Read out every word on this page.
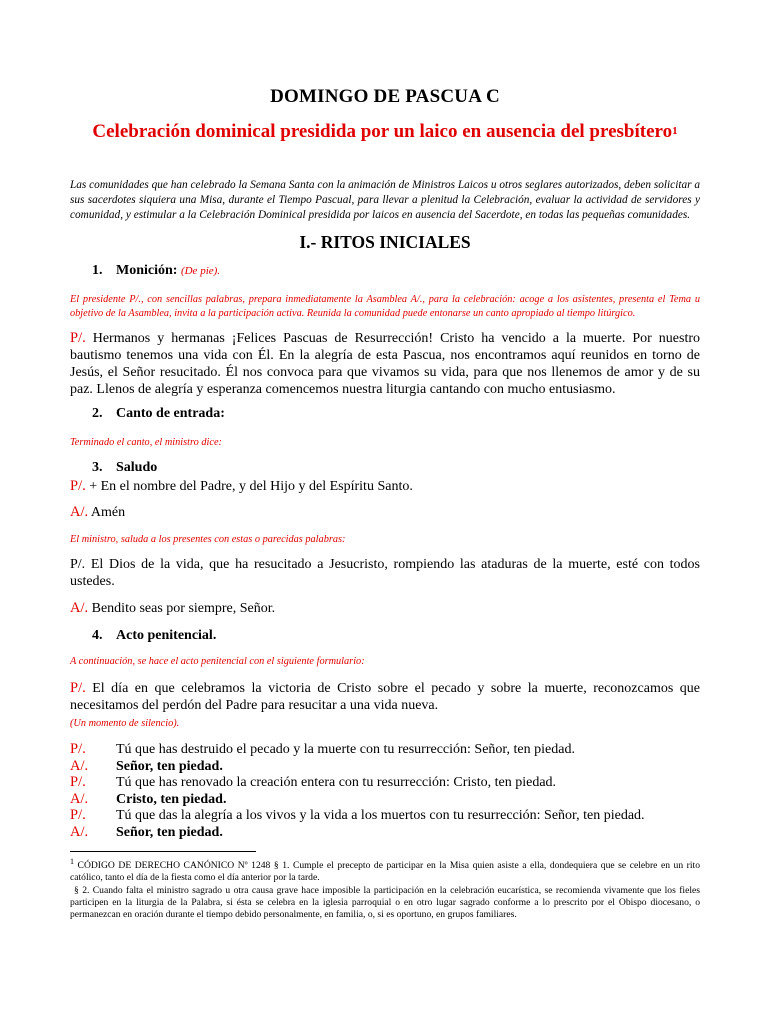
DOMINGO DE PASCUA C
Celebración dominical presidida por un laico en ausencia del presbítero$^1$

Las comunidades que han celebrado la Semana Santa con la animación de Ministros Laicos u otros seglares autorizados, deben solicitar a sus sacerdotes siquiera una Misa, durante el Tiempo Pascual, para llevar a plenitud la Celebración, evaluar la actividad de servidores y comunidad, y estimular a la Celebración Dominical presidida por laicos en ausencia del Sacerdote, en todas las pequeñas comunidades.

I.- RITOS INICIALES

1. Monición: (De pie).

El presidente P/., con sencillas palabras, prepara inmediatamente la Asamblea A/., para la celebración: acoge a los asistentes, presenta el Tema u objetivo de la Asamblea, invita a la participación activa. Reunida la comunidad puede entonarse un canto apropiado al tiempo litúrgico.

P/. Hermanos y hermanas ¡Felices Pascuas de Resurrección! Cristo ha vencido a la muerte. Por nuestro bautismo tenemos una vida con Él. En la alegría de esta Pascua, nos encontramos aquí reunidos en torno de Jesús, el Señor resucitado. Él nos convoca para que vivamos su vida, para que nos llenemos de amor y de su paz. Llenos de alegría y esperanza comencemos nuestra liturgia cantando con mucho entusiasmo.

2. Canto de entrada:

Terminado el canto, el ministro dice:

3. Saludo

P/. + En el nombre del Padre, y del Hijo y del Espíritu Santo.

A/. Amén

El ministro, saluda a los presentes con estas o parecidas palabras:

P/. El Dios de la vida, que ha resucitado a Jesucristo, rompiendo las ataduras de la muerte, esté con todos ustedes.

A/. Bendito seas por siempre, Señor.

4. Acto penitencial.

A continuación, se hace el acto penitencial con el siguiente formulario:

P/. El día en que celebramos la victoria de Cristo sobre el pecado y sobre la muerte, reconozcamos que necesitamos del perdón del Padre para resucitar a una vida nueva.
(Un momento de silencio).

P/. Tú que has destruido el pecado y la muerte con tu resurrección: Señor, ten piedad.
A/. Señor, ten piedad.
P/. Tú que has renovado la creación entera con tu resurrección: Cristo, ten piedad.
A/. Cristo, ten piedad.
P/. Tú que das la alegría a los vivos y la vida a los muertos con tu resurrección: Señor, ten piedad.
A/. Señor, ten piedad.

$^1$ CÓDIGO DE DERECHO CANÓNICO Nº 1248 § 1. Cumple el precepto de participar en la Misa quien asiste a ella, dondequiera que se celebre en un rito católico, tanto el día de la fiesta como el día anterior por la tarde.

§ 2. Cuando falta el ministro sagrado u otra causa grave hace imposible la participación en la celebración eucarística, se recomienda vivamente que los fieles participen en la liturgia de la Palabra, si ésta se celebra en la iglesia parroquial o en otro lugar sagrado conforme a lo prescrito por el Obispo diocesano, o permanezcan en oración durante el tiempo debido personalmente, en familia, o, si es oportuno, en grupos familiares.
